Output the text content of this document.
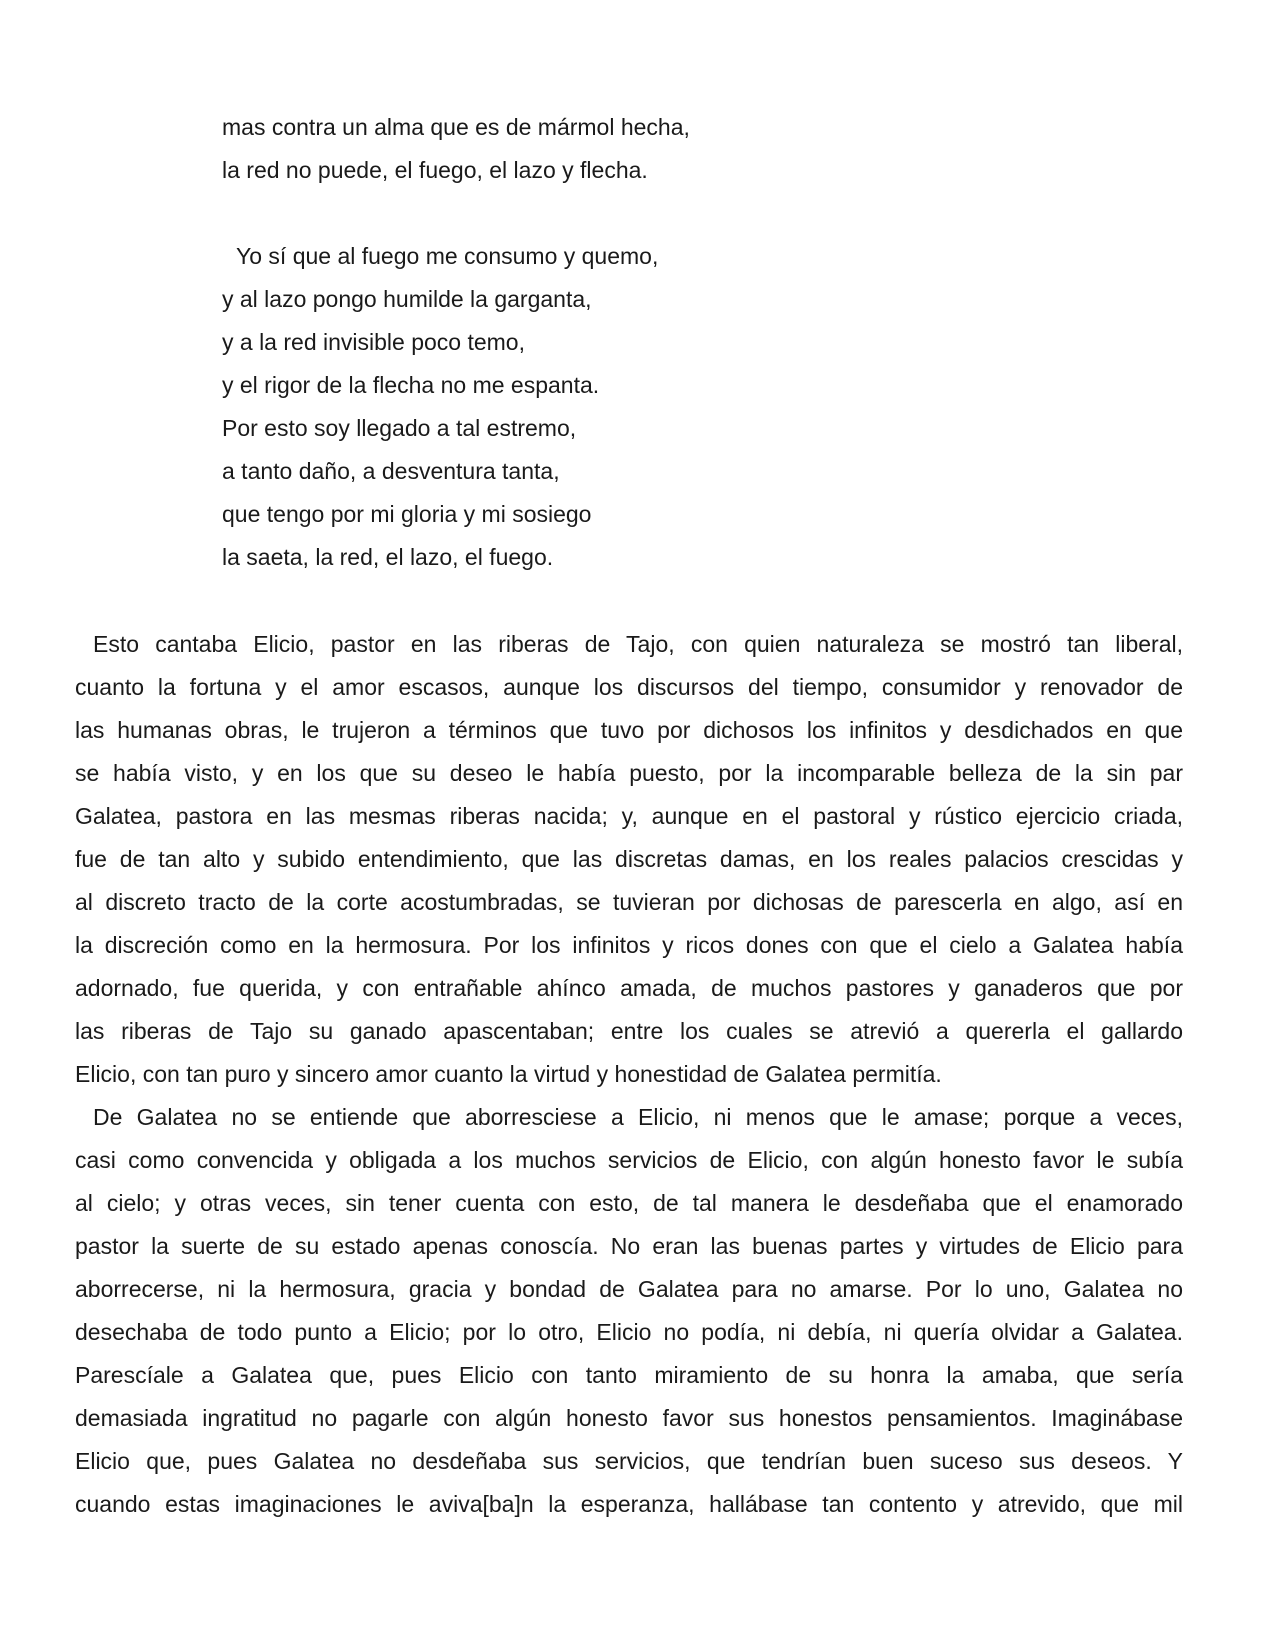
mas contra un alma que es de mármol hecha,
la red no puede, el fuego, el lazo y flecha.
Yo sí que al fuego me consumo y quemo,
y al lazo pongo humilde la garganta,
y a la red invisible poco temo,
y el rigor de la flecha no me espanta.
Por esto soy llegado a tal estremo,
a tanto daño, a desventura tanta,
que tengo por mi gloria y mi sosiego
la saeta, la red, el lazo, el fuego.
Esto cantaba Elicio, pastor en las riberas de Tajo, con quien naturaleza se mostró tan liberal,
cuanto la fortuna y el amor escasos, aunque los discursos del tiempo, consumidor y renovador de
las humanas obras, le trujeron a términos que tuvo por dichosos los infinitos y desdichados en que
se había visto, y en los que su deseo le había puesto, por la incomparable belleza de la sin par
Galatea, pastora en las mesmas riberas nacida; y, aunque en el pastoral y rústico ejercicio criada,
fue de tan alto y subido entendimiento, que las discretas damas, en los reales palacios crescidas y
al discreto tracto de la corte acostumbradas, se tuvieran por dichosas de parescerla en algo, así en
la discreción como en la hermosura. Por los infinitos y ricos dones con que el cielo a Galatea había
adornado, fue querida, y con entrañable ahínco amada, de muchos pastores y ganaderos que por
las riberas de Tajo su ganado apascentaban; entre los cuales se atrevió a quererla el gallardo
Elicio, con tan puro y sincero amor cuanto la virtud y honestidad de Galatea permitía.
De Galatea no se entiende que aborresciese a Elicio, ni menos que le amase; porque a veces,
casi como convencida y obligada a los muchos servicios de Elicio, con algún honesto favor le subía
al cielo; y otras veces, sin tener cuenta con esto, de tal manera le desdeñaba que el enamorado
pastor la suerte de su estado apenas conoscía. No eran las buenas partes y virtudes de Elicio para
aborrecerse, ni la hermosura, gracia y bondad de Galatea para no amarse. Por lo uno, Galatea no
desechaba de todo punto a Elicio; por lo otro, Elicio no podía, ni debía, ni quería olvidar a Galatea.
Parescíale a Galatea que, pues Elicio con tanto miramiento de su honra la amaba, que sería
demasiada ingratitud no pagarle con algún honesto favor sus honestos pensamientos. Imaginábase
Elicio que, pues Galatea no desdeñaba sus servicios, que tendrían buen suceso sus deseos. Y
cuando estas imaginaciones le aviva[ba]n la esperanza, hallábase tan contento y atrevido, que mil
